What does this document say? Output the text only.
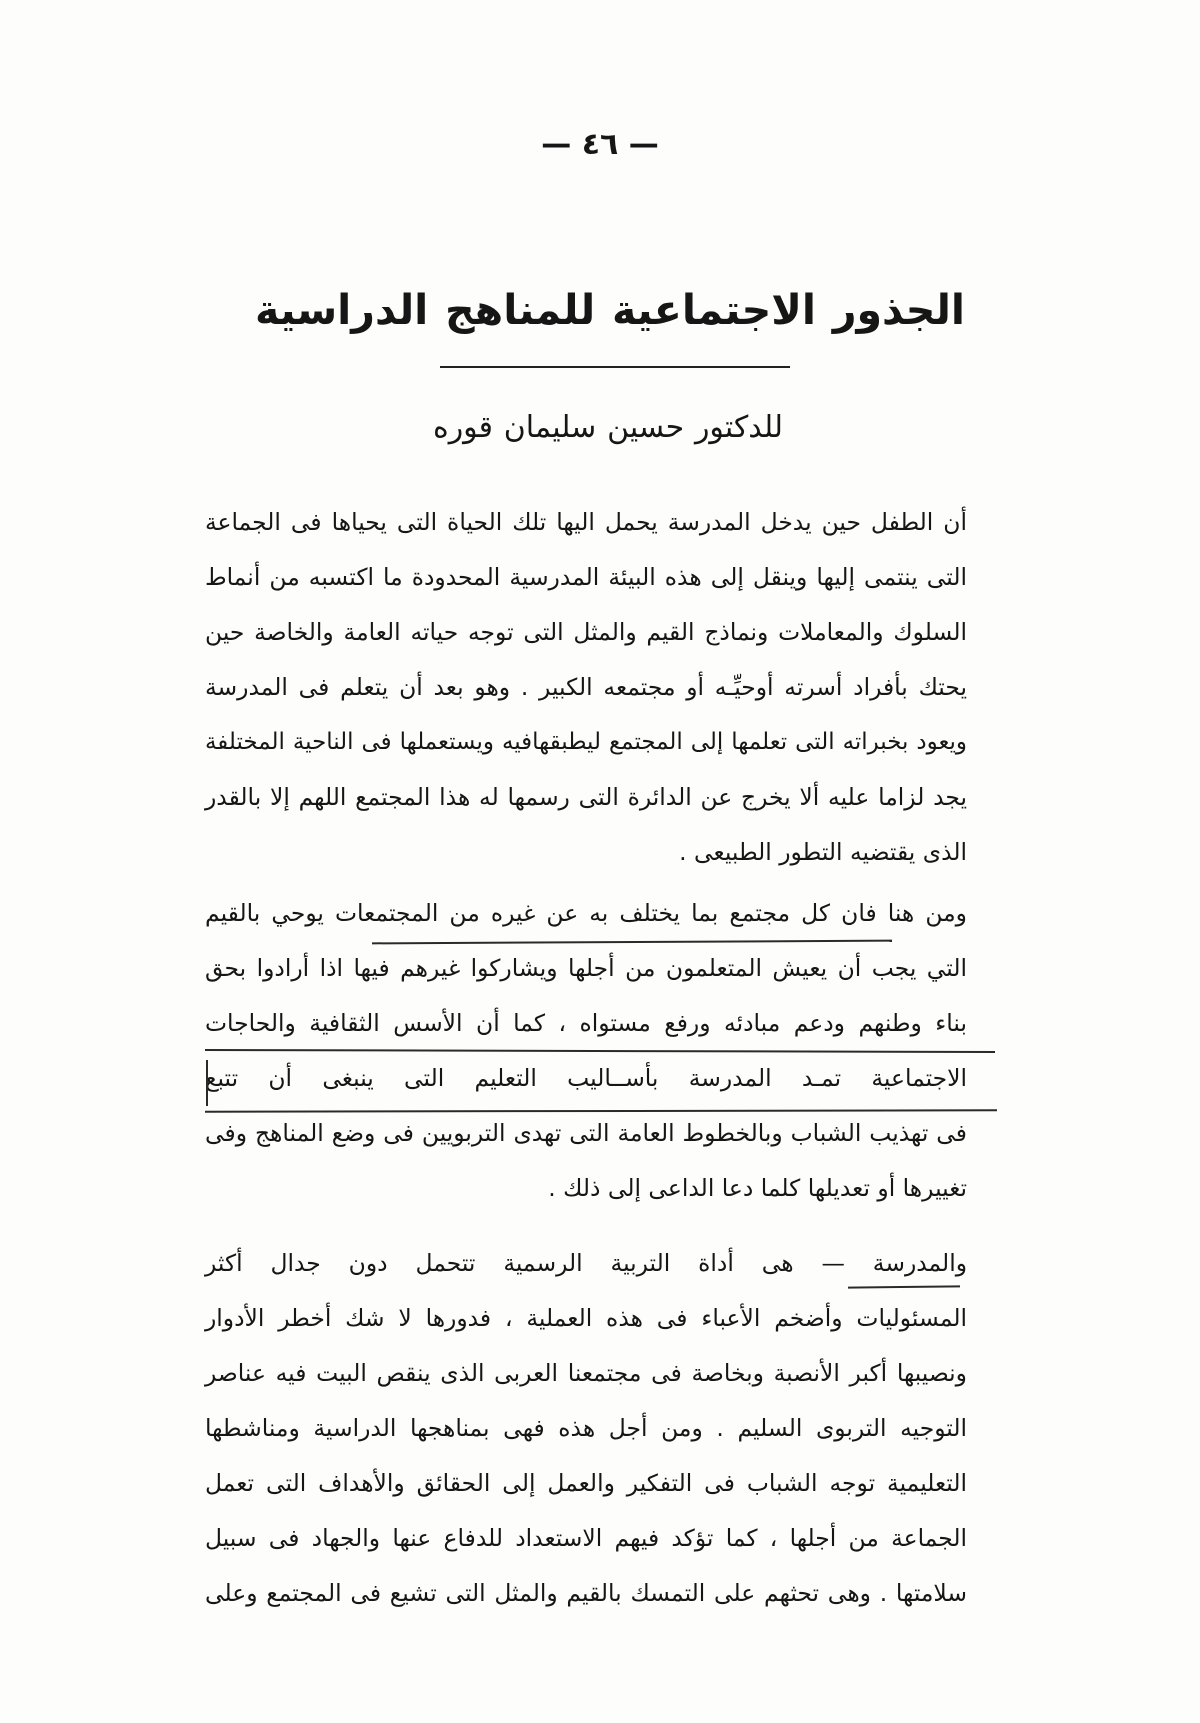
— ٤٦ —
الجذور الاجتماعية للمناهج الدراسية
للدكتور حسين سليمان قوره
أن الطفل حين يدخل المدرسة يحمل اليها تلك الحياة التى يحياها فى الجماعة
التى ينتمى إليها وينقل إلى هذه البيئة المدرسية المحدودة ما اكتسبه من أنماط
السلوك والمعاملات ونماذج القيم والمثل التى توجه حياته العامة والخاصة حين
يحتك بأفراد أسرته أوحيِّـه أو مجتمعه الكبير . وهو بعد أن يتعلم فى المدرسة
ويعود بخبراته التى تعلمها إلى المجتمع ليطبقهافيه ويستعملها فى الناحية المختلفة
يجد لزاما عليه ألا يخرج عن الدائرة التى رسمها له هذا المجتمع اللهم إلا بالقدر
الذى يقتضيه التطور الطبيعى .
ومن هنا فان كل مجتمع بما يختلف به عن غيره من المجتمعات يوحي بالقيم
التي يجب أن يعيش المتعلمون من أجلها ويشاركوا غيرهم فيها اذا أرادوا بحق
بناء وطنهم ودعم مبادئه ورفع مستواه ، كما أن الأسس الثقافية والحاجات
الاجتماعية تمـد المدرسة بأســاليب التعليم التى ينبغى أن تتبع
فى تهذيب الشباب وبالخطوط العامة التى تهدى التربويين فى وضع المناهج وفى
تغييرها أو تعديلها كلما دعا الداعى إلى ذلك .
والمدرسة — هى أداة التربية الرسمية تتحمل دون جدال أكثر
المسئوليات وأضخم الأعباء فى هذه العملية ، فدورها لا شك أخطر الأدوار
ونصيبها أكبر الأنصبة وبخاصة فى مجتمعنا العربى الذى ينقص البيت فيه عناصر
التوجيه التربوى السليم . ومن أجل هذه فهى بمناهجها الدراسية ومناشطها
التعليمية توجه الشباب فى التفكير والعمل إلى الحقائق والأهداف التى تعمل
الجماعة من أجلها ، كما تؤكد فيهم الاستعداد للدفاع عنها والجهاد فى سبيل
سلامتها . وهى تحثهم على التمسك بالقيم والمثل التى تشيع فى المجتمع وعلى
